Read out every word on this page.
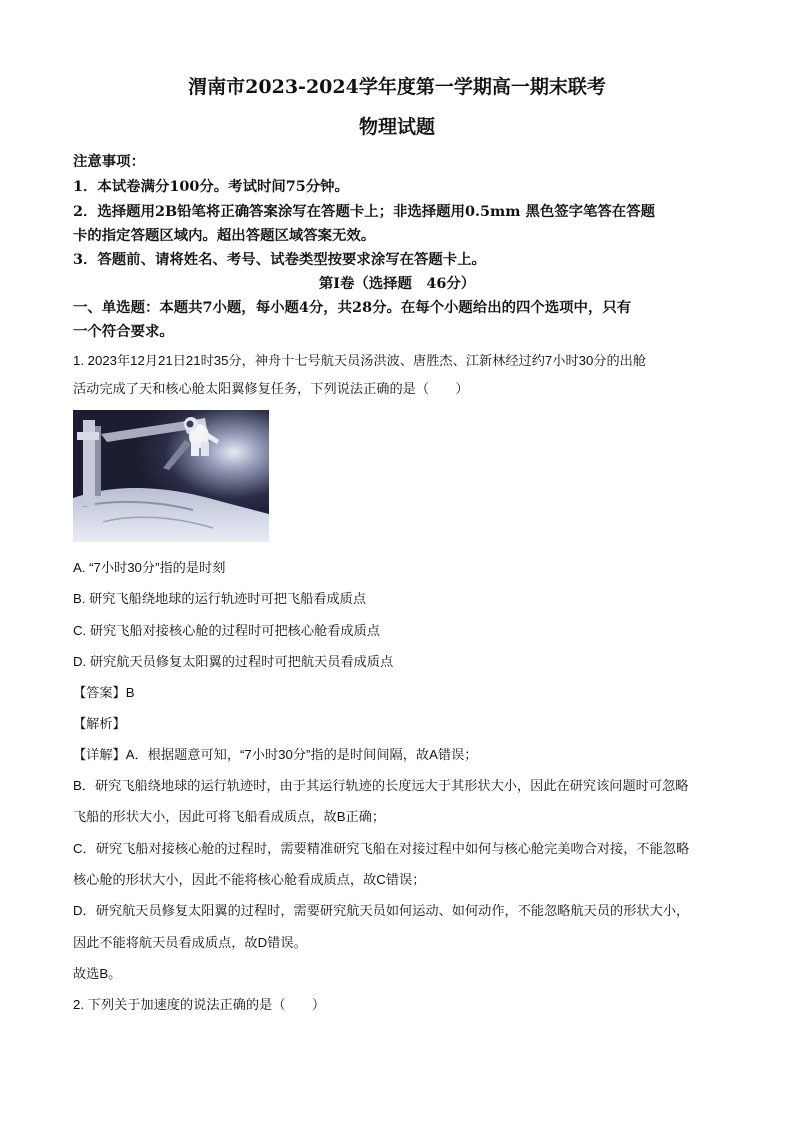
渭南市2023-2024学年度第一学期高一期末联考
物理试题
注意事项：
1．本试卷满分100分。考试时间75分钟。
2．选择题用2B铅笔将正确答案涂写在答题卡上；非选择题用0.5mm 黑色签字笔答在答题
卡的指定答题区域内。超出答题区域答案无效。
3．答题前、请将姓名、考号、试卷类型按要求涂写在答题卡上。
第Ⅰ卷（选择题　46分）
一、单选题：本题共7小题，每小题4分，共28分。在每个小题给出的四个选项中，只有
一个符合要求。
1. 2023年12月21日21时35分，神舟十七号航天员汤洪波、唐胜杰、江新林经过约7小时30分的出舱
活动完成了天和核心舱太阳翼修复任务，下列说法正确的是（　　）
A. “7小时30分”指的是时刻
B. 研究飞船绕地球的运行轨迹时可把飞船看成质点
C. 研究飞船对接核心舱的过程时可把核心舱看成质点
D. 研究航天员修复太阳翼的过程时可把航天员看成质点
【答案】B
【解析】
【详解】A．根据题意可知，“7小时30分”指的是时间间隔，故A错误；
B．研究飞船绕地球的运行轨迹时，由于其运行轨迹的长度远大于其形状大小，因此在研究该问题时可忽略
飞船的形状大小，因此可将飞船看成质点，故B正确；
C．研究飞船对接核心舱的过程时，需要精准研究飞船在对接过程中如何与核心舱完美吻合对接，不能忽略
核心舱的形状大小，因此不能将核心舱看成质点，故C错误；
D．研究航天员修复太阳翼的过程时，需要研究航天员如何运动、如何动作，不能忽略航天员的形状大小，
因此不能将航天员看成质点，故D错误。
故选B。
2. 下列关于加速度的说法正确的是（　　）
